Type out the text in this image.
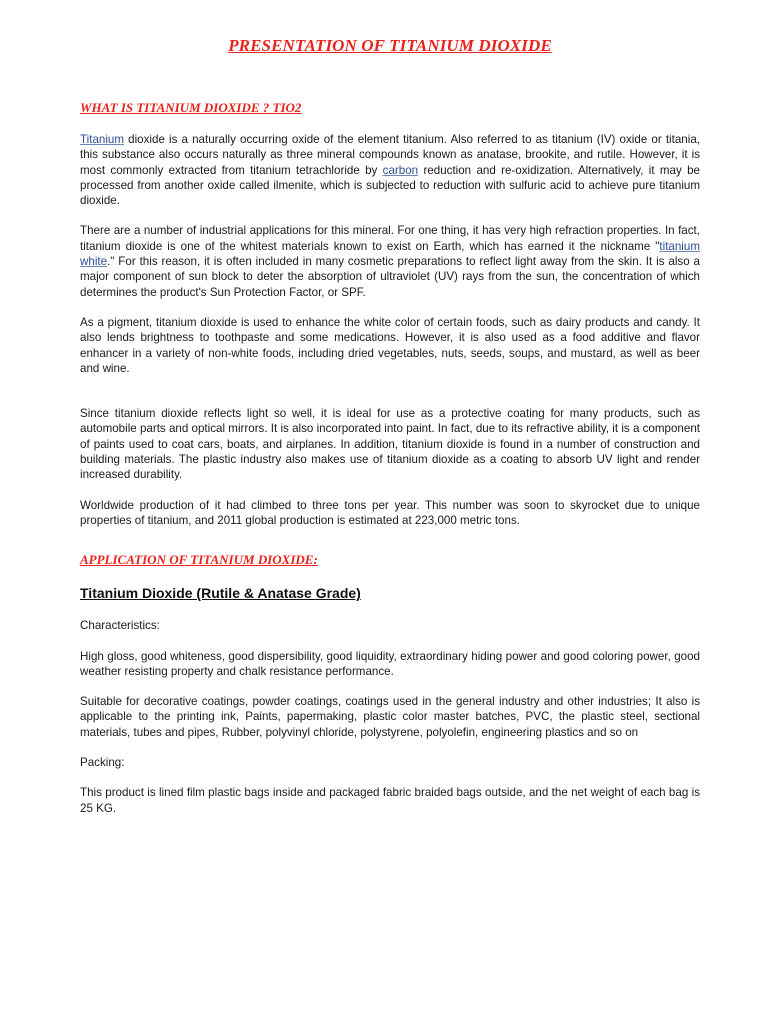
PRESENTATION OF TITANIUM DIOXIDE
WHAT IS TITANIUM DIOXIDE ? TIO2

Titanium dioxide is a naturally occurring oxide of the element titanium. Also referred to as titanium (IV) oxide or titania, this substance also occurs naturally as three mineral compounds known as anatase, brookite, and rutile. However, it is most commonly extracted from titanium tetrachloride by carbon reduction and re-oxidization. Alternatively, it may be processed from another oxide called ilmenite, which is subjected to reduction with sulfuric acid to achieve pure titanium dioxide.

There are a number of industrial applications for this mineral. For one thing, it has very high refraction properties. In fact, titanium dioxide is one of the whitest materials known to exist on Earth, which has earned it the nickname "titanium white." For this reason, it is often included in many cosmetic preparations to reflect light away from the skin. It is also a major component of sun block to deter the absorption of ultraviolet (UV) rays from the sun, the concentration of which determines the product's Sun Protection Factor, or SPF.

As a pigment, titanium dioxide is used to enhance the white color of certain foods, such as dairy products and candy. It also lends brightness to toothpaste and some medications. However, it is also used as a food additive and flavor enhancer in a variety of non-white foods, including dried vegetables, nuts, seeds, soups, and mustard, as well as beer and wine.

Since titanium dioxide reflects light so well, it is ideal for use as a protective coating for many products, such as automobile parts and optical mirrors. It is also incorporated into paint. In fact, due to its refractive ability, it is a component of paints used to coat cars, boats, and airplanes. In addition, titanium dioxide is found in a number of construction and building materials. The plastic industry also makes use of titanium dioxide as a coating to absorb UV light and render increased durability.

Worldwide production of it had climbed to three tons per year. This number was soon to skyrocket due to unique properties of titanium, and 2011 global production is estimated at 223,000 metric tons.

APPLICATION OF TITANIUM DIOXIDE:
Titanium Dioxide (Rutile & Anatase Grade)

Characteristics:

High gloss, good whiteness, good dispersibility, good liquidity, extraordinary hiding power and good coloring power, good weather resisting property and chalk resistance performance.

Suitable for decorative coatings, powder coatings, coatings used in the general industry and other industries; It also is applicable to the printing ink, Paints, papermaking, plastic color master batches, PVC, the plastic steel, sectional materials, tubes and pipes, Rubber, polyvinyl chloride, polystyrene, polyolefin, engineering plastics and so on

Packing:

This product is lined film plastic bags inside and packaged fabric braided bags outside, and the net weight of each bag is 25 KG.
